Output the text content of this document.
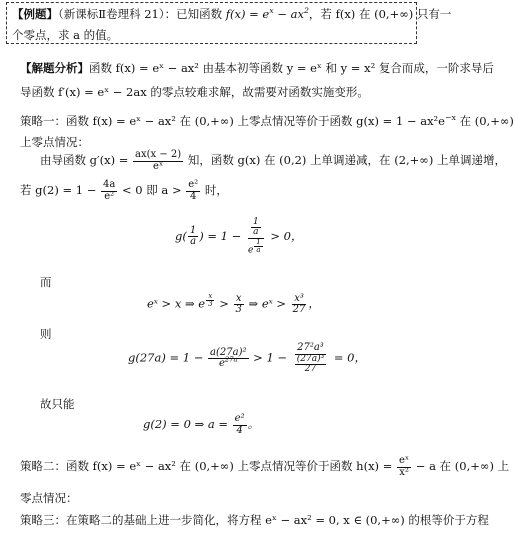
【例题】（新课标Ⅱ卷理科 21）：已知函数 $f(x) = e^x - ax^2$，若 f(x) 在 (0,+∞) 只有一
个零点，求 a 的值。
【解题分析】函数 f(x) = eˣ − ax² 由基本初等函数 y = eˣ 和 y = x² 复合而成，一阶求导后
导函数 f′(x) = eˣ − 2ax 的零点较难求解，故需要对函数实施变形。
策略一：函数 f(x) = eˣ − ax² 在 (0,+∞) 上零点情况等价于函数 $g(x) = 1 - ax^2e^{-x}$ 在 (0,+∞)
上零点情况：
由导函数 $g'(x) = \frac{ax(x - 2)}{\text{eˣ}}$ 知，函数 g(x) 在 (0,2) 上单调递减，在 (2,+∞) 上单调递增，
若 $g(2) = 1 - \frac{4a}{\text{e²}} < 0$ 即 $a > \frac{\text{e²}}{4}$ 时，
$g( \frac{1}{a}$ ) = $1 - \frac{1}{a}$
e $^{\frac{1}{a}}$ > 0，
而
eˣ > x ⇒ e $^{\frac{x}{3}} > \frac{x}{3}$ ⇒ eˣ > $\frac{\text{x³}}{27}$ ，
则
$g(27a) = 1 - \frac{\text{a(27a)²}}{e^{27a}} > 1 - \frac{\text{27²a³}}{\frac{\text{(27a)³}}{27}} = 0$，
故只能
g(2) = 0 ⇒ $a = \frac{\text{e²}}{4}$ 。
策略二：函数 f(x) = eˣ − ax² 在 (0,+∞) 上零点情况等价于函数 $h(x) = \frac{\text{eˣ}}{\text{x²}} - a$ 在 (0,+∞) 上
零点情况：
策略三：在策略二的基础上进一步简化，将方程 eˣ − ax² = 0, x ∈ (0,+∞) 的根等价于方程
